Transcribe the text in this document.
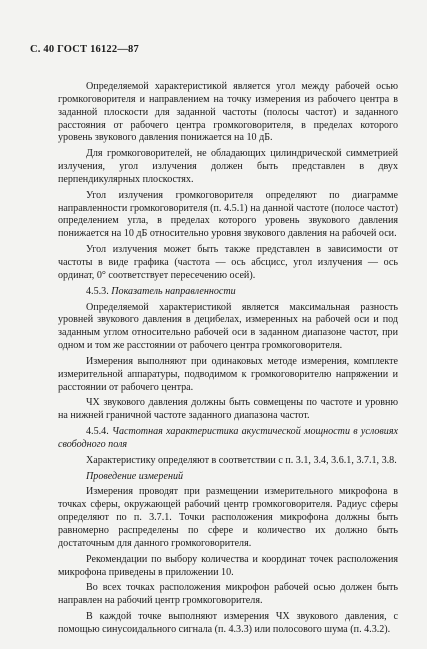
С. 40 ГОСТ 16122—87

Определяемой характеристикой является угол между рабочей осью громкоговорителя и направлением на точку измерения из рабочего центра в заданной плоскости для заданной частоты (полосы частот) и заданного расстояния от рабочего центра громкоговорителя, в пределах которого уровень звукового давления понижается на 10 дБ.

Для громкоговорителей, не обладающих цилиндрической симметрией излучения, угол излучения должен быть представлен в двух перпендикулярных плоскостях.

Угол излучения громкоговорителя определяют по диаграмме направленности громкоговорителя (п. 4.5.1) на данной частоте (полосе частот) определением угла, в пределах которого уровень звукового давления понижается на 10 дБ относительно уровня звукового давления на рабочей оси.

Угол излучения может быть также представлен в зависимости от частоты в виде графика (частота — ось абсцисс, угол излучения — ось ординат, 0° соответствует пересечению осей).

4.5.3. Показатель направленности

Определяемой характеристикой является максимальная разность уровней звукового давления в децибелах, измеренных на рабочей оси и под заданным углом относительно рабочей оси в заданном диапазоне частот, при одном и том же расстоянии от рабочего центра громкоговорителя.

Измерения выполняют при одинаковых методе измерения, комплекте измерительной аппаратуры, подводимом к громкоговорителю напряжении и расстоянии от рабочего центра.

ЧХ звукового давления должны быть совмещены по частоте и уровню на нижней граничной частоте заданного диапазона частот.

4.5.4. Частотная характеристика акустической мощности в условиях свободного поля

Характеристику определяют в соответствии с п. 3.1, 3.4, 3.6.1, 3.7.1, 3.8.

Проведение измерений

Измерения проводят при размещении измерительного микрофона в точках сферы, окружающей рабочий центр громкоговорителя. Радиус сферы определяют по п. 3.7.1. Точки расположения микрофона должны быть равномерно распределены по сфере и количество их должно быть достаточным для данного громкоговорителя.

Рекомендации по выбору количества и координат точек расположения микрофона приведены в приложении 10.

Во всех точках расположения микрофон рабочей осью должен быть направлен на рабочий центр громкоговорителя.

В каждой точке выполняют измерения ЧХ звукового давления, с помощью синусоидального сигнала (п. 4.3.3) или полосового шума (п. 4.3.2).
